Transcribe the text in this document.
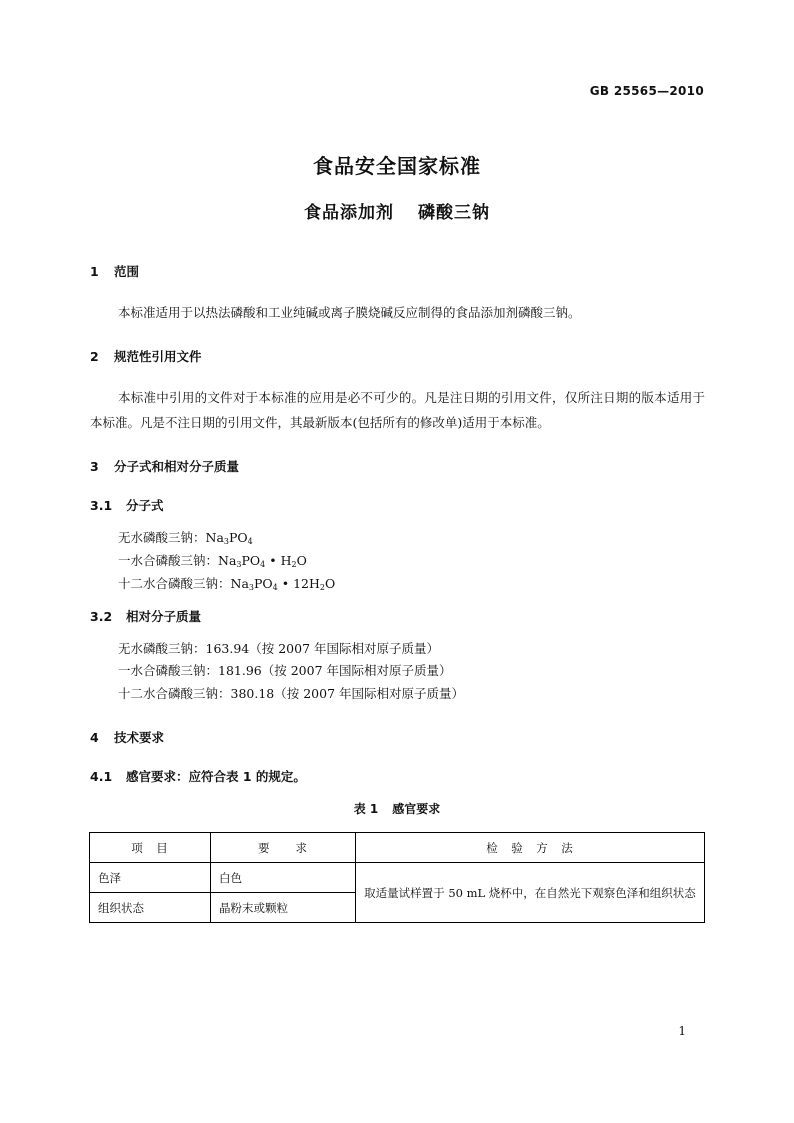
GB 25565—2010
食品安全国家标准
食品添加剂 磷酸三钠
1 范围
本标准适用于以热法磷酸和工业纯碱或离子膜烧碱反应制得的食品添加剂磷酸三钠。
2 规范性引用文件
本标准中引用的文件对于本标准的应用是必不可少的。凡是注日期的引用文件，仅所注日期的版本适用于本标准。凡是不注日期的引用文件，其最新版本(包括所有的修改单)适用于本标准。
3 分子式和相对分子质量
3.1 分子式
无水磷酸三钠：$Na_3PO_4$
一水合磷酸三钠：$Na_3PO_4$ • $H_2O$
十二水合磷酸三钠：$Na_3PO_4$ • $12H_2O$
3.2 相对分子质量
无水磷酸三钠：163.94（按 2007 年国际相对原子质量）
一水合磷酸三钠：181.96（按 2007 年国际相对原子质量）
十二水合磷酸三钠：380.18（按 2007 年国际相对原子质量）
4 技术要求
4.1 感官要求：应符合表 1 的规定。
表 1 感官要求
项　目	要　　求	检　验　方　法
色泽	白色	取适量试样置于 50 mL 烧杯中，在自然光下观察色泽和组织状态
组织状态	晶粉末或颗粒	
1
